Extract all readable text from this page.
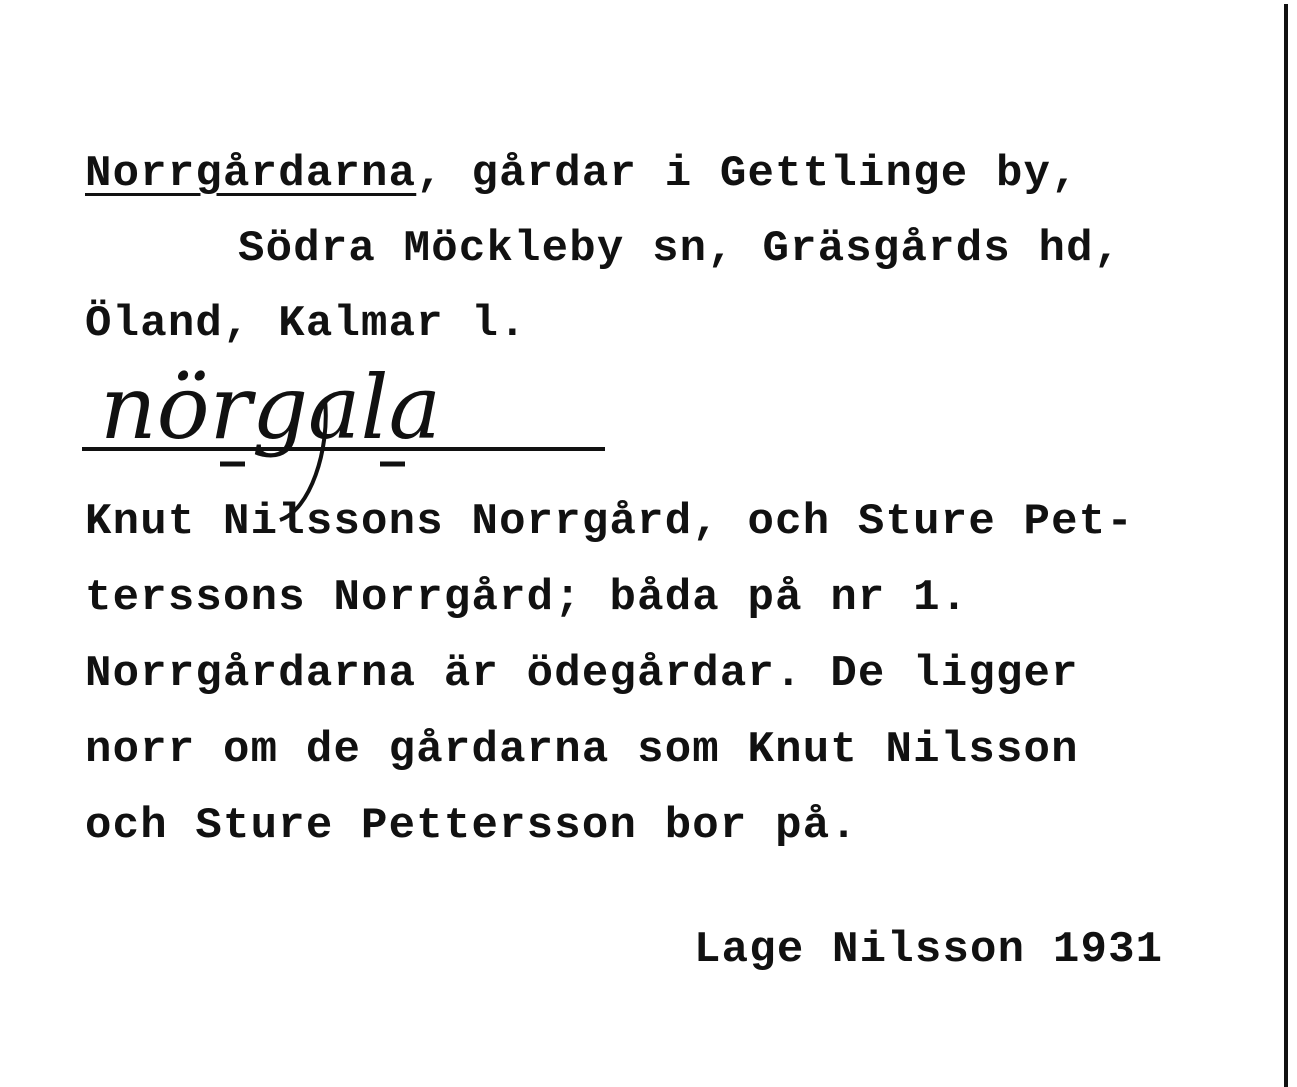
Norrgårdarna, gårdar i Gettlinge by,

Södra Möckleby sn, Gräsgårds hd,

Öland, Kalmar l.

nörgala

Knut Nilssons Norrgård, och Sture Pet-

terssons Norrgård; båda på nr 1.

Norrgårdarna är ödegårdar. De ligger

norr om de gårdarna som Knut Nilsson

och Sture Pettersson bor på.

Lage Nilsson 1931
